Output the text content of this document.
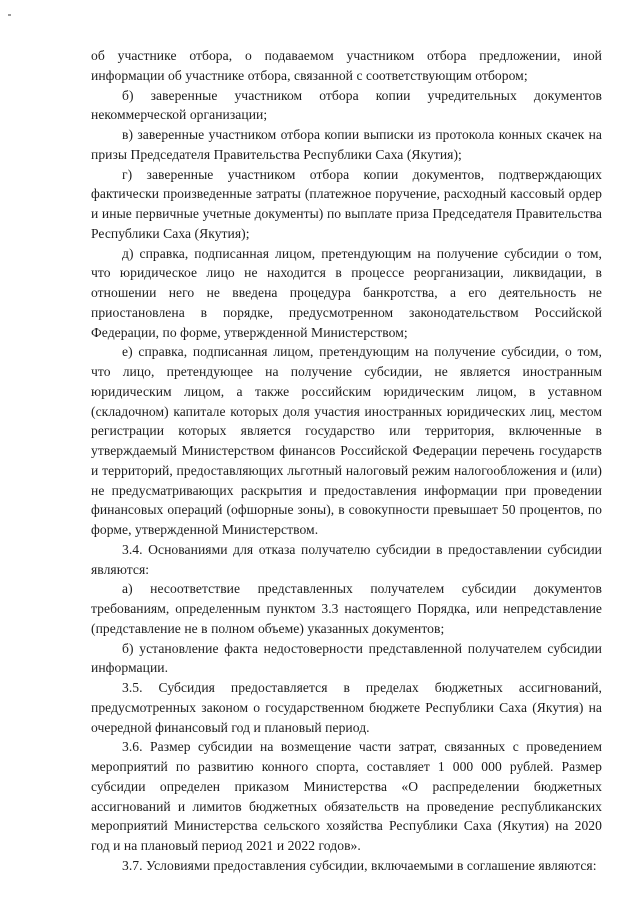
об участнике отбора, о подаваемом участником отбора предложении, иной информации об участнике отбора, связанной с соответствующим отбором;

б) заверенные участником отбора копии учредительных документов некоммерческой организации;

в) заверенные участником отбора копии выписки из протокола конных скачек на призы Председателя Правительства Республики Саха (Якутия);

г) заверенные участником отбора копии документов, подтверждающих фактически произведенные затраты (платежное поручение, расходный кассовый ордер и иные первичные учетные документы) по выплате приза Председателя Правительства Республики Саха (Якутия);

д) справка, подписанная лицом, претендующим на получение субсидии о том, что юридическое лицо не находится в процессе реорганизации, ликвидации, в отношении него не введена процедура банкротства, а его деятельность не приостановлена в порядке, предусмотренном законодательством Российской Федерации, по форме, утвержденной Министерством;

е) справка, подписанная лицом, претендующим на получение субсидии, о том, что лицо, претендующее на получение субсидии, не является иностранным юридическим лицом, а также российским юридическим лицом, в уставном (складочном) капитале которых доля участия иностранных юридических лиц, местом регистрации которых является государство или территория, включенные в утверждаемый Министерством финансов Российской Федерации перечень государств и территорий, предоставляющих льготный налоговый режим налогообложения и (или) не предусматривающих раскрытия и предоставления информации при проведении финансовых операций (офшорные зоны), в совокупности превышает 50 процентов, по форме, утвержденной Министерством.

3.4. Основаниями для отказа получателю субсидии в предоставлении субсидии являются:

а) несоответствие представленных получателем субсидии документов требованиям, определенным пунктом 3.3 настоящего Порядка, или непредставление (представление не в полном объеме) указанных документов;

б) установление факта недостоверности представленной получателем субсидии информации.

3.5. Субсидия предоставляется в пределах бюджетных ассигнований, предусмотренных законом о государственном бюджете Республики Саха (Якутия) на очередной финансовый год и плановый период.

3.6. Размер субсидии на возмещение части затрат, связанных с проведением мероприятий по развитию конного спорта, составляет 1 000 000 рублей. Размер субсидии определен приказом Министерства «О распределении бюджетных ассигнований и лимитов бюджетных обязательств на проведение республиканских мероприятий Министерства сельского хозяйства Республики Саха (Якутия) на 2020 год и на плановый период 2021 и 2022 годов».

3.7. Условиями предоставления субсидии, включаемыми в соглашение являются:
